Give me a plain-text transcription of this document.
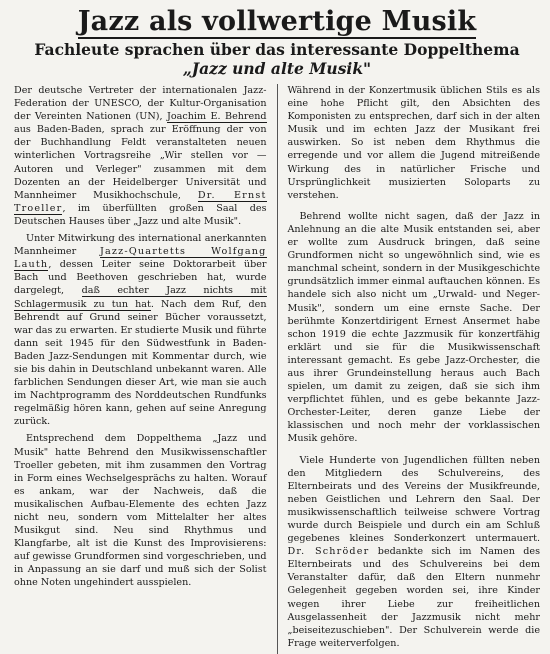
Jazz als vollwertige Musik
Fachleute sprachen über das interessante Doppelthema
„Jazz und alte Musik"

Der deutsche Vertreter der internationalen Jazz-Federation der UNESCO, der Kultur-Organisation der Vereinten Nationen (UN), Joachim E. Behrend aus Baden-Baden, sprach zur Eröffnung der von der Buchhandlung Feldt veranstalteten neuen winterlichen Vortragsreihe „Wir stellen vor — Autoren und Verleger" zusammen mit dem Dozenten an der Heidelberger Universität und Mannheimer Musikhochschule, Dr. Ernst Troeller, im überfüllten großen Saal des Deutschen Hauses über „Jazz und alte Musik".

Unter Mitwirkung des international anerkannten Mannheimer Jazz-Quartetts Wolfgang Lauth, dessen Leiter seine Doktorarbeit über Bach und Beethoven geschrieben hat, wurde dargelegt, daß echter Jazz nichts mit Schlagermusik zu tun hat. Nach dem Ruf, den Behrendt auf Grund seiner Bücher voraussetzt, war das zu erwarten. Er studierte Musik und führte dann seit 1945 für den Südwestfunk in Baden-Baden Jazz-Sendungen mit Kommentar durch, wie sie bis dahin in Deutschland unbekannt waren. Alle farblichen Sendungen dieser Art, wie man sie auch im Nachtprogramm des Norddeutschen Rundfunks regelmäßig hören kann, gehen auf seine Anregung zurück.

Entsprechend dem Doppelthema „Jazz und Musik" hatte Behrend den Musikwissenschaftler Troeller gebeten, mit ihm zusammen den Vortrag in Form eines Wechselgesprächs zu halten. Worauf es ankam, war der Nachweis, daß die musikalischen Aufbau-Elemente des echten Jazz nicht neu, sondern vom Mittelalter her altes Musikgut sind. Neu sind Rhythmus und Klangfarbe, alt ist die Kunst des Improvisierens: auf gewisse Grundformen sind vorgeschrieben, und in Anpassung an sie darf und muß sich der Solist ohne Noten ungehindert ausspielen.

Während in der Konzertmusik üblichen Stils es als eine hohe Pflicht gilt, den Absichten des Komponisten zu entsprechen, darf sich in der alten Musik und im echten Jazz der Musikant frei auswirken. So ist neben dem Rhythmus die erregende und vor allem die Jugend mitreißende Wirkung des in natürlicher Frische und Ursprünglichkeit musizierten Soloparts zu verstehen.

Behrend wollte nicht sagen, daß der Jazz in Anlehnung an die alte Musik entstanden sei, aber er wollte zum Ausdruck bringen, daß seine Grundformen nicht so ungewöhnlich sind, wie es manchmal scheint, sondern in der Musikgeschichte grundsätzlich immer einmal auftauchen können. Es handele sich also nicht um „Urwald- und Neger-Musik", sondern um eine ernste Sache. Der berühmte Konzertdirigent Ernest Ansermet habe schon 1919 die echte Jazzmusik für konzertfähig erklärt und sie für die Musikwissenschaft interessant gemacht. Es gebe Jazz-Orchester, die aus ihrer Grundeinstellung heraus auch Bach spielen, um damit zu zeigen, daß sie sich ihm verpflichtet fühlen, und es gebe bekannte Jazz-Orchester-Leiter, deren ganze Liebe der klassischen und noch mehr der vorklassischen Musik gehöre.

Viele Hunderte von Jugendlichen füllten neben den Mitgliedern des Schulvereins, des Elternbeirats und des Vereins der Musikfreunde, neben Geistlichen und Lehrern den Saal. Der musikwissenschaftlich teilweise schwere Vortrag wurde durch Beispiele und durch ein am Schluß gegebenes kleines Sonderkonzert untermauert. Dr. Schröder bedankte sich im Namen des Elternbeirats und des Schulvereins bei dem Veranstalter dafür, daß den Eltern nunmehr Gelegenheit gegeben worden sei, ihre Kinder wegen ihrer Liebe zur freiheitlichen Ausgelassenheit der Jazzmusik nicht mehr „beiseitezuschieben". Der Schulverein werde die Frage weiterverfolgen.
